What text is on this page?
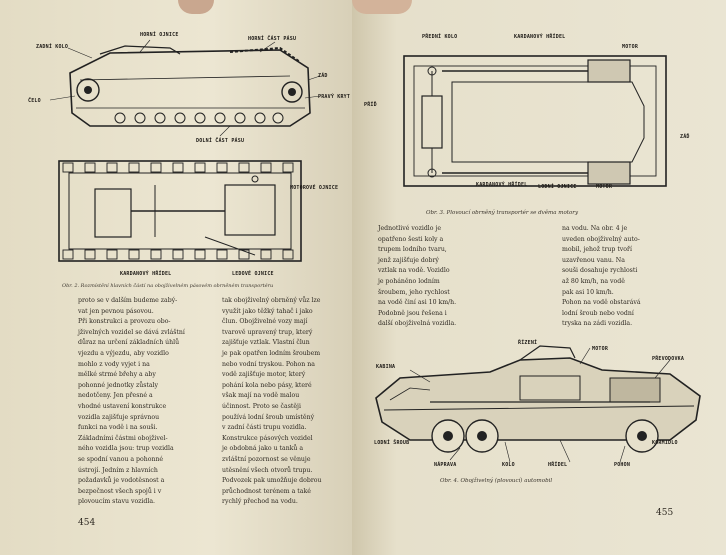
ZADNÍ KOLO
HORNÍ OJNICE
HORNÍ ČÁST PÁSU
ZÁD
PRAVÝ KRYT
ČELO
DOLNÍ ČÁST PÁSU
MOTOROVÉ OJNICE
KARDANOVÝ HŘÍDEL	LEDOVÉ OJNICE
Obr. 2. Rozmístění hlavních částí na obojživelném pásovém obrněném transportéru

proto se v dalším budeme zabý-

vat jen pevnou pásovou.

Při konstrukci a provozu obo-

jživelných vozidel se dává zvláštní

důraz na určení základních úhlů

vjezdu a výjezdu, aby vozidlo

mohlo z vody vyjet i na

mělké strmé břehy a aby

pohonné jednotky zůstaly

nedotčeny. Jen přesné a

vhodné ustavení konstrukce

vozidla zajišťuje správnou

funkci na vodě i na souši.

Základními částmi obojživel-

ného vozidla jsou: trup vozidla

se spodní vanou a pohonné

ústrojí. Jedním z hlavních

požadavků je vodotěsnost a

bezpečnost všech spojů i v

plovoucím stavu vozidla.

tak obojživelný obrněný vůz lze

využít jako těžký tahač i jako

člun. Obojživelné vozy mají

tvarově upravený trup, který

zajišťuje vztlak. Vlastní člun

je pak opatřen lodním šroubem

nebo vodní tryskou. Pohon na

vodě zajišťuje motor, který

pohání kola nebo pásy, které

však mají na vodě malou

účinnost. Proto se častěji

používá lodní šroub umístěný

v zadní části trupu vozidla.

Konstrukce pásových vozidel

je obdobná jako u tanků a

zvláštní pozornost se věnuje

utěsnění všech otvorů trupu.

Podvozek pak umožňuje dobrou

průchodnost terénem a také

rychlý přechod na vodu.

454
PŘEDNÍ KOLO	KARDANOVÝ HŘÍDEL
MOTOR
PŘÍĎ
ZÁĎ
KARDANOVÝ HŘÍDEL LODNÍ OJNICE	MOTOR
Obr. 3. Plovoucí obrněný transportér se dvěma motory

Jednotlivé vozidlo je

opatřeno šesti koly a

trupem lodního tvaru,

jenž zajišťuje dobrý

vztlak na vodě. Vozidlo

je poháněno lodním

šroubem, jeho rychlost

na vodě činí asi 10 km/h.

Podobně jsou řešena i

další obojživelná vozidla.

na vodu. Na obr. 4 je

uveden obojživelný auto-

mobil, jehož trup tvoří

uzavřenou vanu. Na

souši dosahuje rychlosti

až 80 km/h, na vodě

pak asi 10 km/h.

Pohon na vodě obstarává

lodní šroub nebo vodní

tryska na zádi vozidla.

KABINA
ŘÍZENÍ
MOTOR
PŘEVODOVKA
LODNÍ ŠROUB
NÁPRAVA	KOLO	HŘÍDEL	POHON
KORMIDLO
Obr. 4. Obojživelný (plovoucí) automobil
455
